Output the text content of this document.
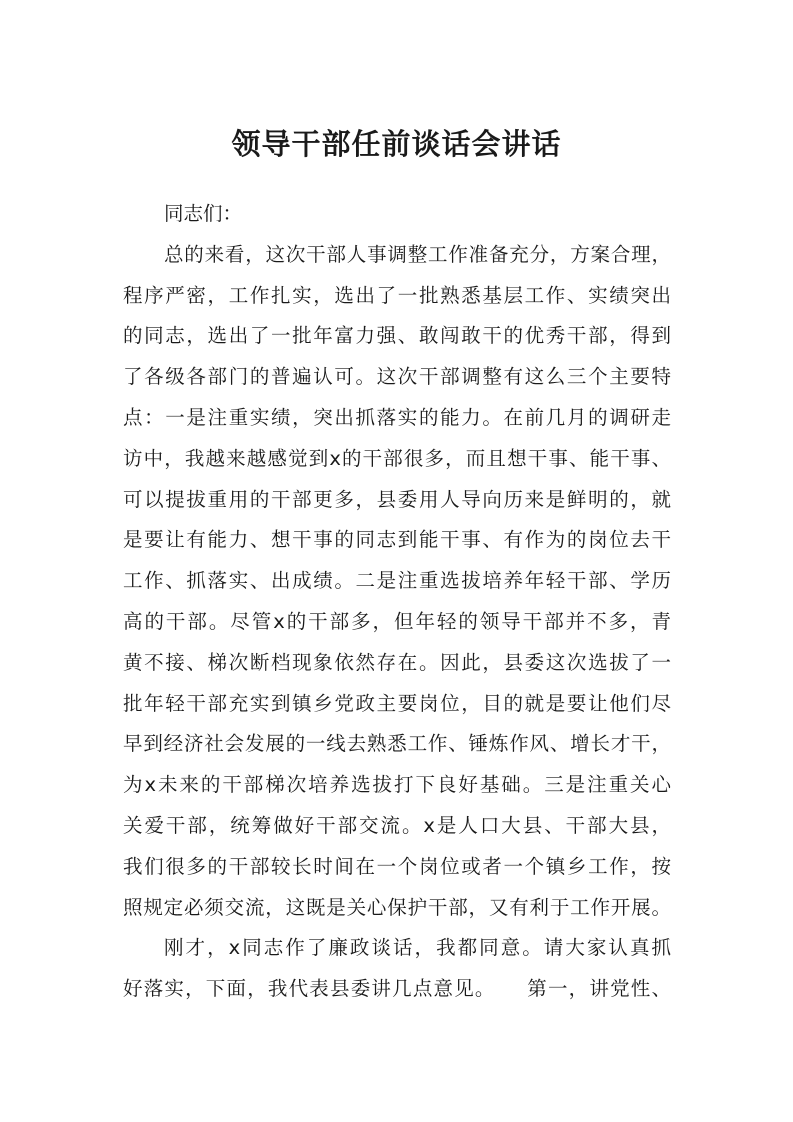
领导干部任前谈话会讲话
同志们：
总的来看，这次干部人事调整工作准备充分，方案合理，
程序严密，工作扎实，选出了一批熟悉基层工作、实绩突出
的同志，选出了一批年富力强、敢闯敢干的优秀干部，得到
了各级各部门的普遍认可。这次干部调整有这么三个主要特
点：一是注重实绩，突出抓落实的能力。在前几月的调研走
访中，我越来越感觉到x的干部很多，而且想干事、能干事、
可以提拔重用的干部更多，县委用人导向历来是鲜明的，就
是要让有能力、想干事的同志到能干事、有作为的岗位去干
工作、抓落实、出成绩。二是注重选拔培养年轻干部、学历
高的干部。尽管x的干部多，但年轻的领导干部并不多，青
黄不接、梯次断档现象依然存在。因此，县委这次选拔了一
批年轻干部充实到镇乡党政主要岗位，目的就是要让他们尽
早到经济社会发展的一线去熟悉工作、锤炼作风、增长才干，
为x未来的干部梯次培养选拔打下良好基础。三是注重关心
关爱干部，统筹做好干部交流。x是人口大县、干部大县，
我们很多的干部较长时间在一个岗位或者一个镇乡工作，按
照规定必须交流，这既是关心保护干部，又有利于工作开展。
刚才，x同志作了廉政谈话，我都同意。请大家认真抓
好落实，下面，我代表县委讲几点意见。　　第一，讲党性、
